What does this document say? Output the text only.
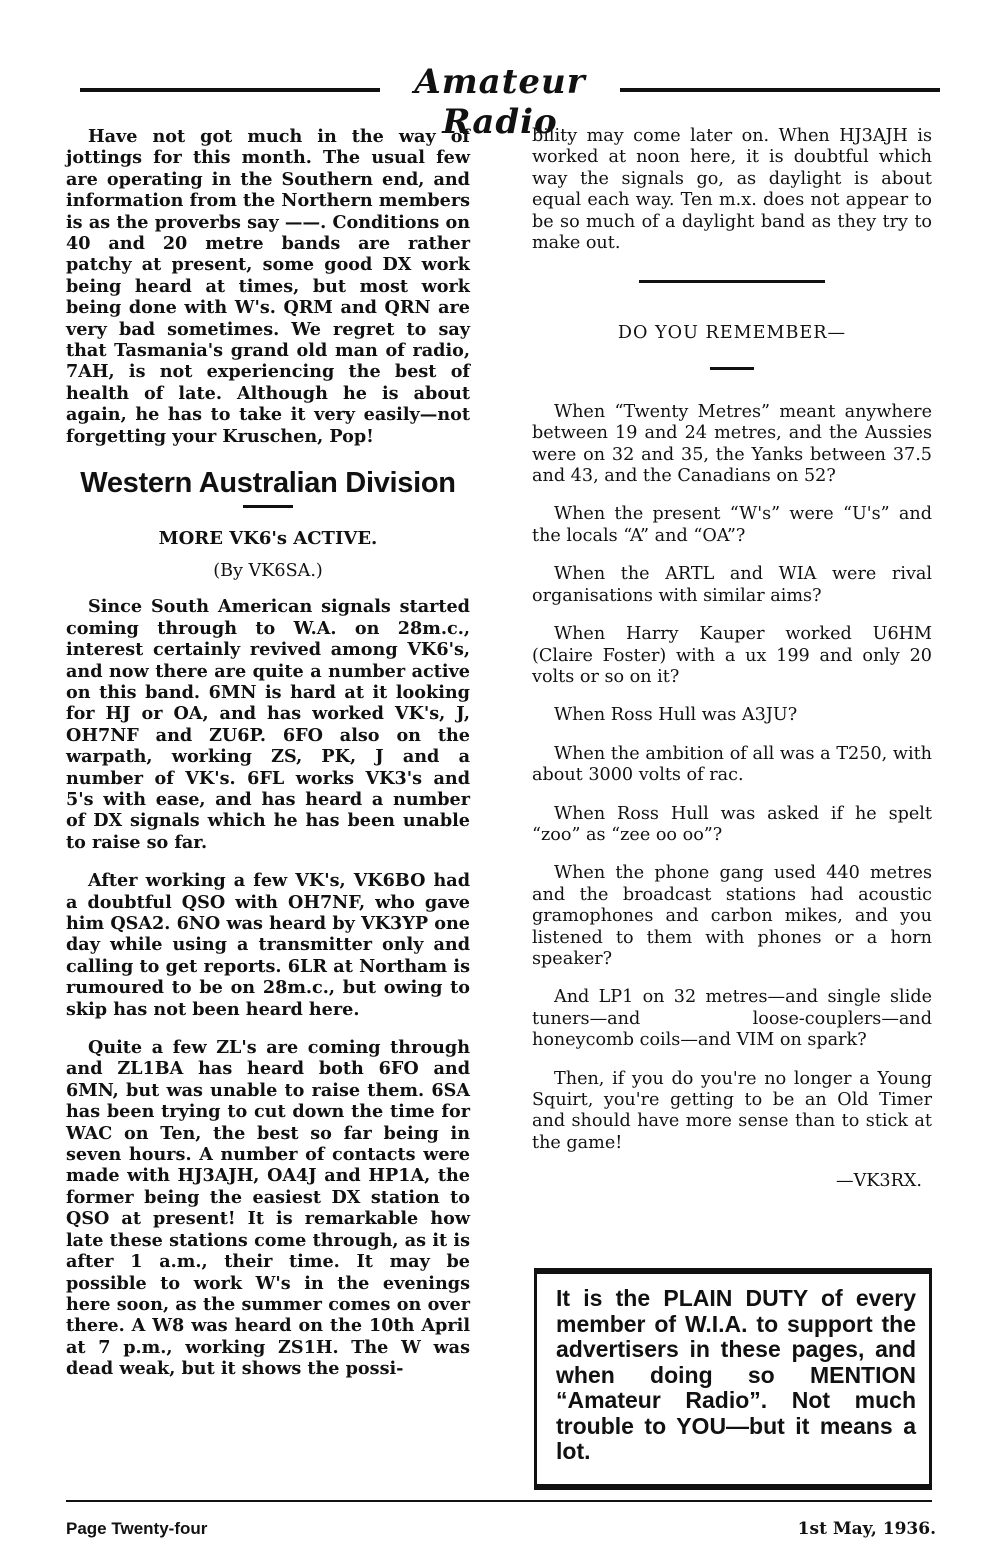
Amateur Radio

Have not got much in the way of jottings for this month. The usual few are operating in the Southern end, and information from the Northern members is as the proverbs say ——. Conditions on 40 and 20 metre bands are rather patchy at present, some good DX work being heard at times, but most work being done with W's. QRM and QRN are very bad sometimes. We regret to say that Tasmania's grand old man of radio, 7AH, is not experiencing the best of health of late. Although he is about again, he has to take it very easily—not forgetting your Kruschen, Pop!

Western Australian Division
MORE VK6's ACTIVE.
(By VK6SA.)

Since South American signals started coming through to W.A. on 28m.c., interest certainly revived among VK6's, and now there are quite a number active on this band. 6MN is hard at it looking for HJ or OA, and has worked VK's, J, OH7NF and ZU6P. 6FO also on the warpath, working ZS, PK, J and a number of VK's. 6FL works VK3's and 5's with ease, and has heard a number of DX signals which he has been unable to raise so far.

After working a few VK's, VK6BO had a doubtful QSO with OH7NF, who gave him QSA2. 6NO was heard by VK3YP one day while using a transmitter only and calling to get reports. 6LR at Northam is rumoured to be on 28m.c., but owing to skip has not been heard here.

Quite a few ZL's are coming through and ZL1BA has heard both 6FO and 6MN, but was unable to raise them. 6SA has been trying to cut down the time for WAC on Ten, the best so far being in seven hours. A number of contacts were made with HJ3AJH, OA4J and HP1A, the former being the easiest DX station to QSO at present! It is remarkable how late these stations come through, as it is after 1 a.m., their time. It may be possible to work W's in the evenings here soon, as the summer comes on over there. A W8 was heard on the 10th April at 7 p.m., working ZS1H. The W was dead weak, but it shows the possi-

bility may come later on. When HJ3AJH is worked at noon here, it is doubtful which way the signals go, as daylight is about equal each way. Ten m.x. does not appear to be so much of a daylight band as they try to make out.

DO YOU REMEMBER—

When “Twenty Metres” meant anywhere between 19 and 24 metres, and the Aussies were on 32 and 35, the Yanks between 37.5 and 43, and the Canadians on 52?

When the present “W's” were “U's” and the locals “A” and “OA”?

When the ARTL and WIA were rival organisations with similar aims?

When Harry Kauper worked U6HM (Claire Foster) with a ux 199 and only 20 volts or so on it?

When Ross Hull was A3JU?

When the ambition of all was a T250, with about 3000 volts of rac.

When Ross Hull was asked if he spelt “zoo” as “zee oo oo”?

When the phone gang used 440 metres and the broadcast stations had acoustic gramophones and carbon mikes, and you listened to them with phones or a horn speaker?

And LP1 on 32 metres—and single slide tuners—and loose-couplers—and honeycomb coils—and VIM on spark?

Then, if you do you're no longer a Young Squirt, you're getting to be an Old Timer and should have more sense than to stick at the game!

—VK3RX.
It is the PLAIN DUTY of every member of W.I.A. to support the advertisers in these pages, and when doing so MENTION “Amateur Radio”. Not much trouble to YOU—but it means a lot.
Page Twenty-four	1st May, 1936.
